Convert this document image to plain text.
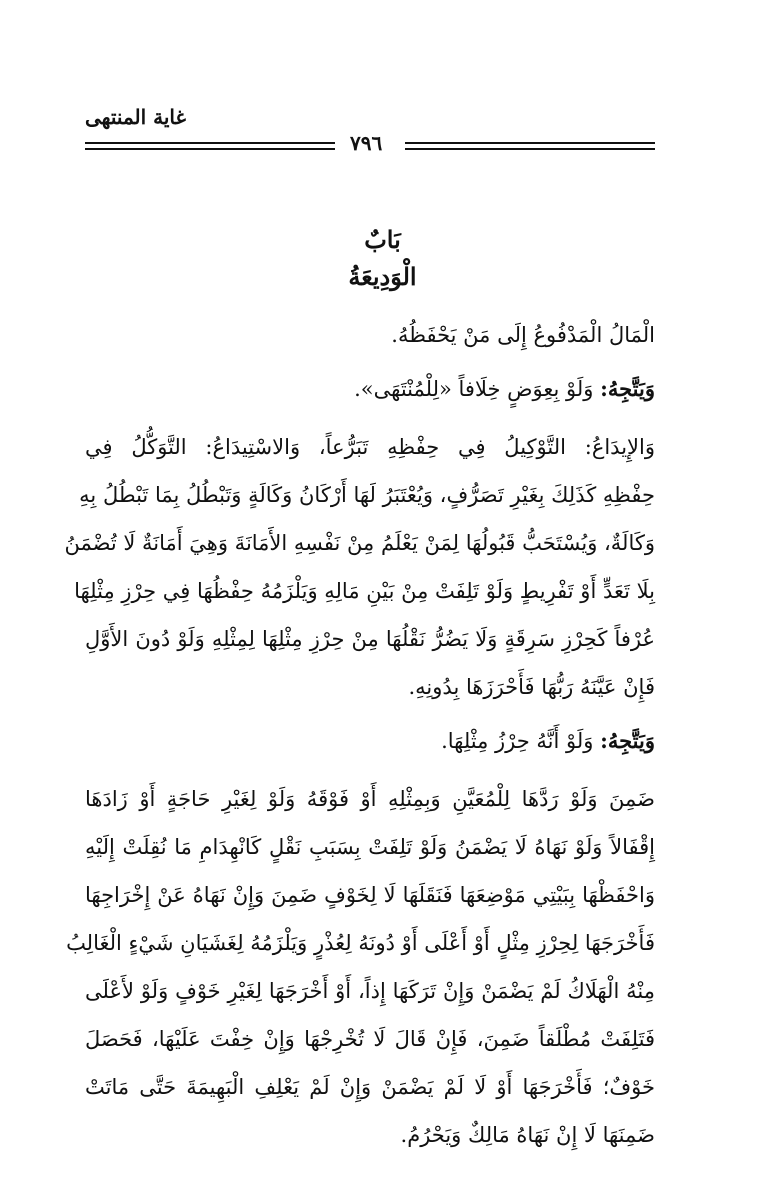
غاية المنتهى
٧٩٦
بَابٌ
الْوَدِيعَةُ
الْمَالُ الْمَدْفُوعُ إِلَى مَنْ يَحْفَظُهُ.
وَيَتَّجِهُ: وَلَوْ بِعِوَضٍ خِلَافاً «لِلْمُنْتَهَى».
وَالإِيدَاعُ: التَّوْكِيلُ فِي حِفْظِهِ تَبَرُّعاً، وَالاسْتِيدَاعُ: التَّوَكُّلُ فِي
حِفْظِهِ كَذَلِكَ بِغَيْرِ تَصَرُّفٍ، وَيُعْتَبَرُ لَهَا أَرْكَانُ وَكَالَةٍ وَتَبْطُلُ بِمَا تَبْطُلُ بِهِ
وَكَالَةٌ، وَيُسْتَحَبُّ قَبُولُهَا لِمَنْ يَعْلَمُ مِنْ نَفْسِهِ الأَمَانَةَ وَهِيَ أَمَانَةٌ لَا تُضْمَنُ
بِلَا تَعَدٍّ أَوْ تَفْرِيطٍ وَلَوْ تَلِفَتْ مِنْ بَيْنِ مَالِهِ وَيَلْزَمُهُ حِفْظُهَا فِي حِرْزِ مِثْلِهَا
عُرْفاً كَحِرْزِ سَرِقَةٍ وَلَا يَضُرُّ نَقْلُهَا مِنْ حِرْزِ مِثْلِهَا لِمِثْلِهِ وَلَوْ دُونَ الأَوَّلِ
فَإِنْ عَيَّنَهُ رَبُّهَا فَأَحْرَزَهَا بِدُونِهِ.
وَيَتَّجِهُ: وَلَوْ أَنَّهُ حِرْزُ مِثْلِهَا.
ضَمِنَ وَلَوْ رَدَّهَا لِلْمُعَيَّنِ وَبِمِثْلِهِ أَوْ فَوْقَهُ وَلَوْ لِغَيْرِ حَاجَةٍ أَوْ زَادَهَا
إِقْفَالاً وَلَوْ نَهَاهُ لَا يَضْمَنُ وَلَوْ تَلِفَتْ بِسَبَبِ نَقْلٍ كَانْهِدَامِ مَا نُقِلَتْ إِلَيْهِ
وَاحْفَظْهَا بِبَيْتِي مَوْضِعَهَا فَنَقَلَهَا لَا لِخَوْفٍ ضَمِنَ وَإِنْ نَهَاهُ عَنْ إِخْرَاجِهَا
فَأَخْرَجَهَا لِحِرْزِ مِثْلٍ أَوْ أَعْلَى أَوْ دُونَهُ لِعُذْرٍ وَيَلْزَمُهُ لِغَشَيَانِ شَيْءٍ الْغَالِبُ
مِنْهُ الْهَلَاكُ لَمْ يَضْمَنْ وَإِنْ تَرَكَهَا إِذاً، أَوْ أَخْرَجَهَا لِغَيْرِ خَوْفٍ وَلَوْ لأَعْلَى
فَتَلِفَتْ مُطْلَقاً ضَمِنَ، فَإِنْ قَالَ لَا تُخْرِجْهَا وَإِنْ خِفْتَ عَلَيْهَا، فَحَصَلَ
خَوْفٌ؛ فَأَخْرَجَهَا أَوْ لَا لَمْ يَضْمَنْ وَإِنْ لَمْ يَعْلِفِ الْبَهِيمَةَ حَتَّى مَاتَتْ
ضَمِنَهَا لَا إِنْ نَهَاهُ مَالِكٌ وَيَحْرُمُ.
